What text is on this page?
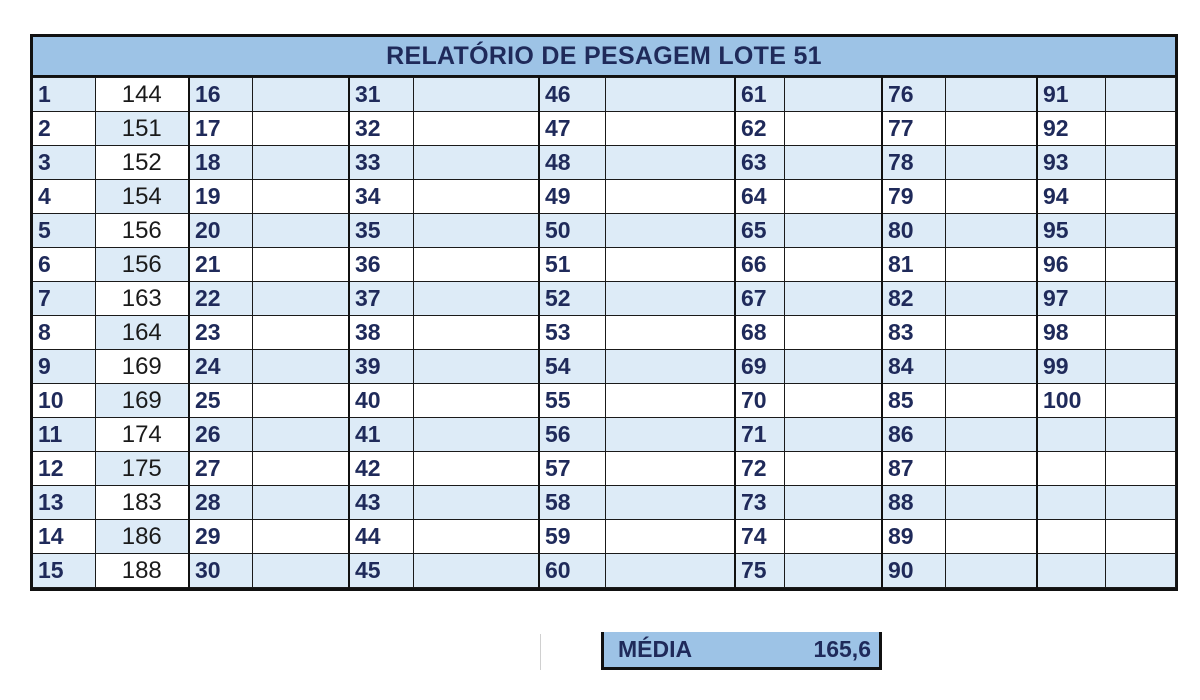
RELATÓRIO DE PESAGEM LOTE 51
1	144	16		31		46		61		76		91	
2	151	17		32		47		62		77		92	
3	152	18		33		48		63		78		93	
4	154	19		34		49		64		79		94	
5	156	20		35		50		65		80		95	
6	156	21		36		51		66		81		96	
7	163	22		37		52		67		82		97	
8	164	23		38		53		68		83		98	
9	169	24		39		54		69		84		99	
10	169	25		40		55		70		85		100	
11	174	26		41		56		71		86			
12	175	27		42		57		72		87			
13	183	28		43		58		73		88			
14	186	29		44		59		74		89			
15	188	30		45		60		75		90			
MÉDIA	165,6
